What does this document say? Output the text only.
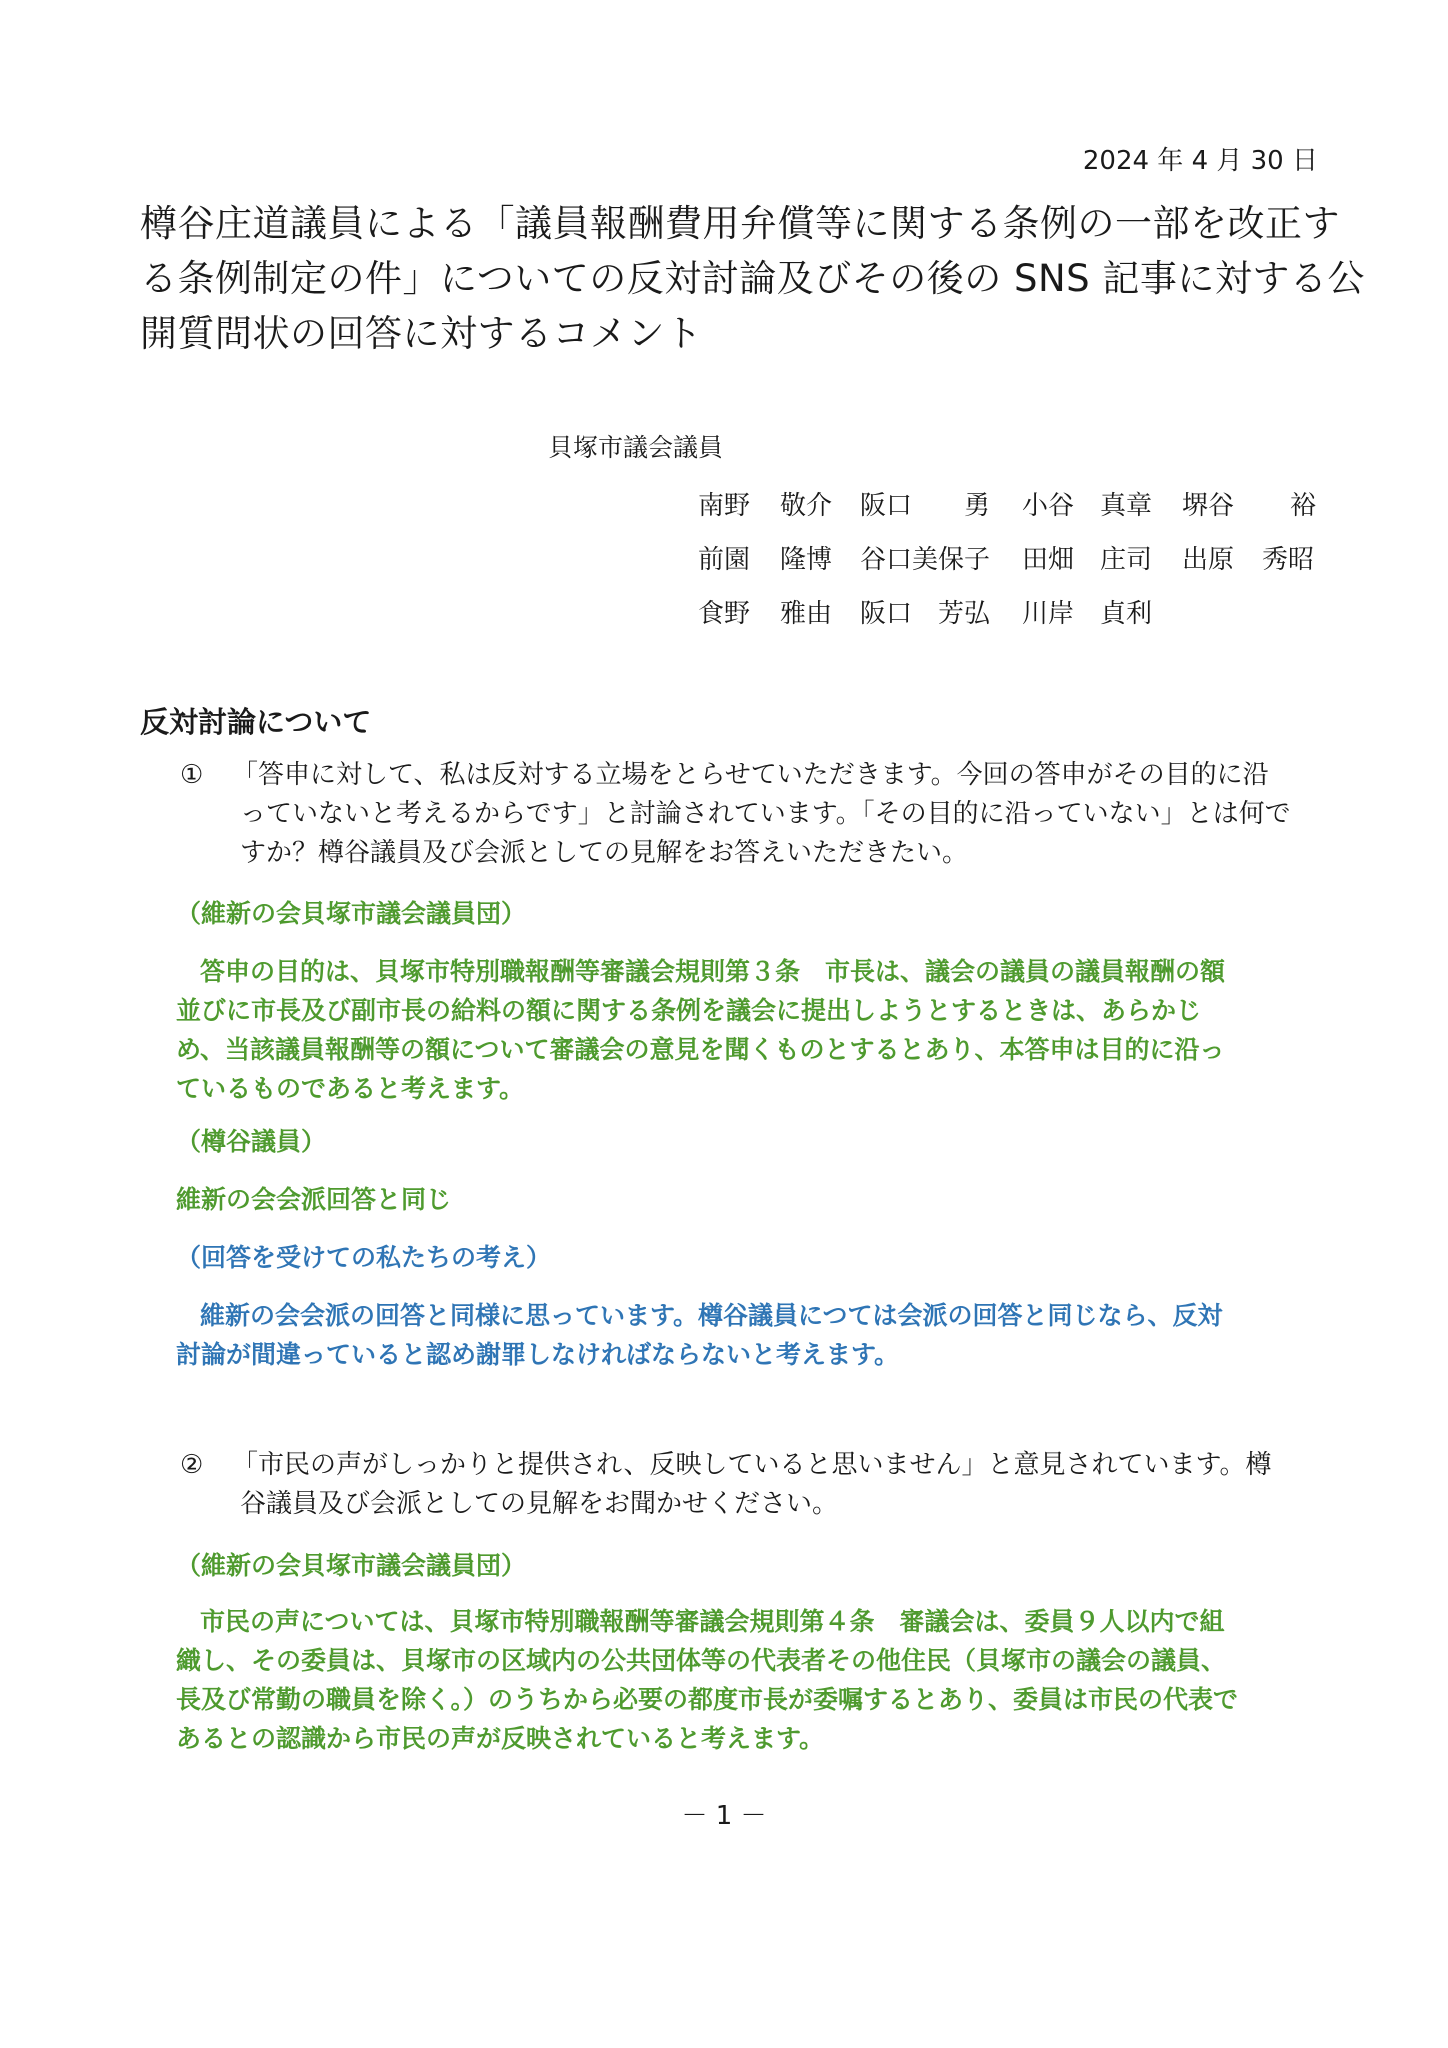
2024 年 4 月 30 日
樽谷庄道議員による「議員報酬費用弁償等に関する条例の一部を改正す
る条例制定の件」についての反対討論及びその後の SNS 記事に対する公
開質問状の回答に対するコメント
貝塚市議会議員
南野	敬介	阪口 勇	小谷 真章	堺谷	裕
前園	隆博	谷口美保子	田畑 庄司	出原	秀昭
食野	雅由	阪口 芳弘	川岸 貞利
反対討論について
① 「答申に対して、私は反対する立場をとらせていただきます。今回の答申がその目的に沿
っていないと考えるからです」と討論されています。「その目的に沿っていない」とは何で
すか？樽谷議員及び会派としての見解をお答えいただきたい。
（維新の会貝塚市議会議員団）
答申の目的は、貝塚市特別職報酬等審議会規則第３条　市長は、議会の議員の議員報酬の額
並びに市長及び副市長の給料の額に関する条例を議会に提出しようとするときは、あらかじ
め、当該議員報酬等の額について審議会の意見を聞くものとするとあり、本答申は目的に沿っ
ているものであると考えます。
（樽谷議員）
維新の会会派回答と同じ
（回答を受けての私たちの考え）
維新の会会派の回答と同様に思っています。樽谷議員につては会派の回答と同じなら、反対
討論が間違っていると認め謝罪しなければならないと考えます。
② 「市民の声がしっかりと提供され、反映していると思いません」と意見されています。樽
谷議員及び会派としての見解をお聞かせください。
（維新の会貝塚市議会議員団）
市民の声については、貝塚市特別職報酬等審議会規則第４条　審議会は、委員９人以内で組
織し、その委員は、貝塚市の区域内の公共団体等の代表者その他住民（貝塚市の議会の議員、
長及び常勤の職員を除く。）のうちから必要の都度市長が委嘱するとあり、委員は市民の代表で
あるとの認識から市民の声が反映されていると考えます。
－ 1 －
